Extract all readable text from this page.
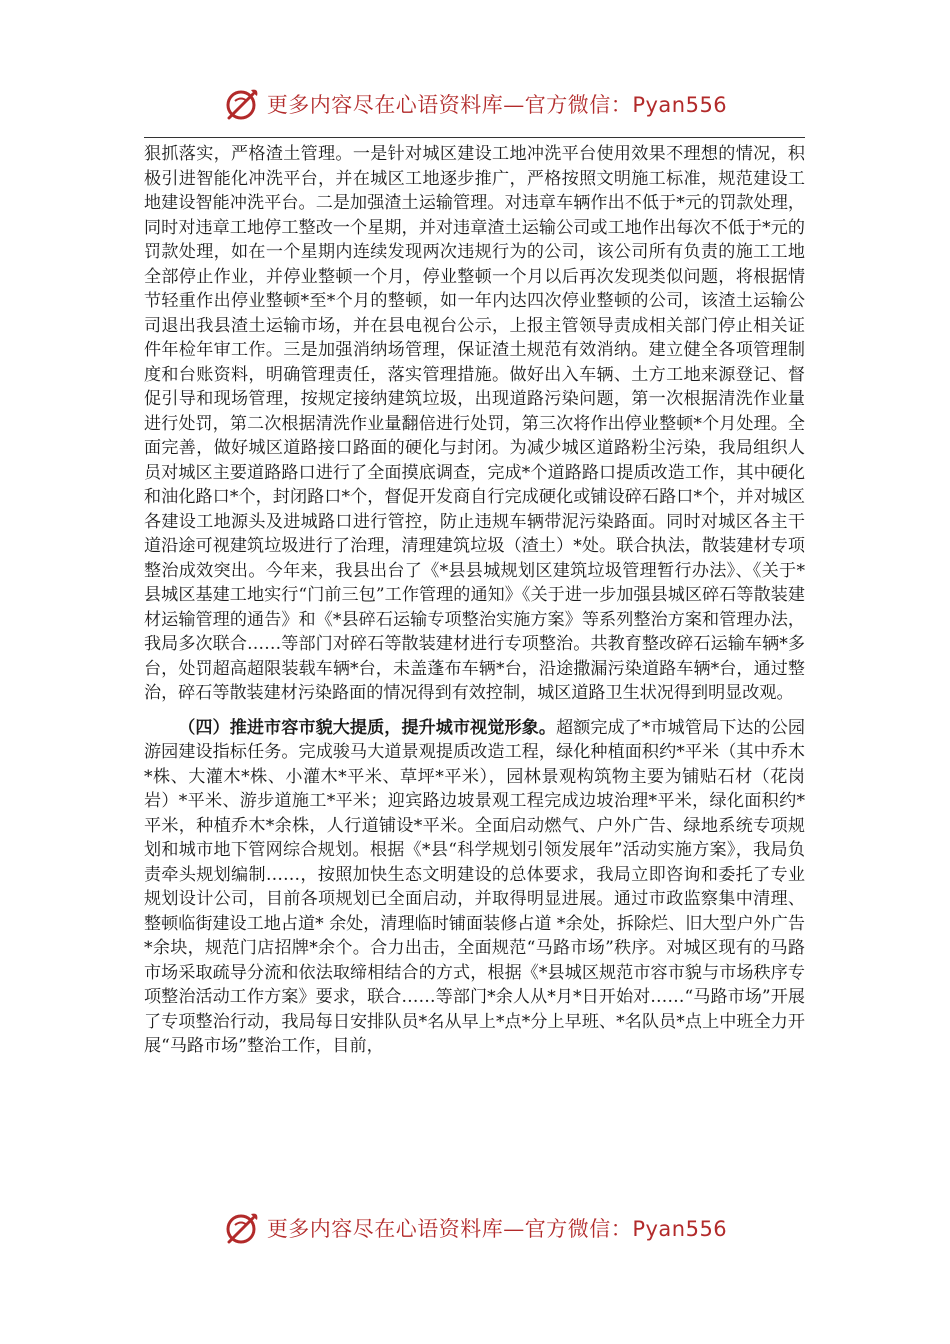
更多内容尽在心语资料库—官方微信：Pyan556

狠抓落实，严格渣土管理。一是针对城区建设工地冲洗平台使用效果不理想的情况，积极引进智能化冲洗平台，并在城区工地逐步推广，严格按照文明施工标准，规范建设工地建设智能冲洗平台。二是加强渣土运输管理。对违章车辆作出不低于*元的罚款处理，同时对违章工地停工整改一个星期，并对违章渣土运输公司或工地作出每次不低于*元的罚款处理，如在一个星期内连续发现两次违规行为的公司，该公司所有负责的施工工地全部停止作业，并停业整顿一个月，停业整顿一个月以后再次发现类似问题，将根据情节轻重作出停业整顿*至*个月的整顿，如一年内达四次停业整顿的公司，该渣土运输公司退出我县渣土运输市场，并在县电视台公示，上报主管领导责成相关部门停止相关证件年检年审工作。三是加强消纳场管理，保证渣土规范有效消纳。建立健全各项管理制度和台账资料，明确管理责任，落实管理措施。做好出入车辆、土方工地来源登记、督促引导和现场管理，按规定接纳建筑垃圾，出现道路污染问题，第一次根据清洗作业量进行处罚，第二次根据清洗作业量翻倍进行处罚，第三次将作出停业整顿*个月处理。全面完善，做好城区道路接口路面的硬化与封闭。为减少城区道路粉尘污染，我局组织人员对城区主要道路路口进行了全面摸底调查，完成*个道路路口提质改造工作，其中硬化和油化路口*个，封闭路口*个，督促开发商自行完成硬化或铺设碎石路口*个，并对城区各建设工地源头及进城路口进行管控，防止违规车辆带泥污染路面。同时对城区各主干道沿途可视建筑垃圾进行了治理，清理建筑垃圾（渣土）*处。联合执法，散装建材专项整治成效突出。今年来，我县出台了《*县县城规划区建筑垃圾管理暂行办法》、《关于*县城区基建工地实行“门前三包”工作管理的通知》《关于进一步加强县城区碎石等散装建材运输管理的通告》和《*县碎石运输专项整治实施方案》等系列整治方案和管理办法，我局多次联合……等部门对碎石等散装建材进行专项整治。共教育整改碎石运输车辆*多台，处罚超高超限装载车辆*台，未盖蓬布车辆*台，沿途撒漏污染道路车辆*台，通过整治，碎石等散装建材污染路面的情况得到有效控制，城区道路卫生状况得到明显改观。

（四）推进市容市貌大提质，提升城市视觉形象。超额完成了*市城管局下达的公园游园建设指标任务。完成骏马大道景观提质改造工程，绿化种植面积约*平米（其中乔木*株、大灌木*株、小灌木*平米、草坪*平米），园林景观构筑物主要为铺贴石材（花岗岩）*平米、游步道施工*平米；迎宾路边坡景观工程完成边坡治理*平米，绿化面积约*平米，种植乔木*余株，人行道铺设*平米。全面启动燃气、户外广告、绿地系统专项规划和城市地下管网综合规划。根据《*县“科学规划引领发展年”活动实施方案》，我局负责牵头规划编制……，按照加快生态文明建设的总体要求，我局立即咨询和委托了专业规划设计公司，目前各项规划已全面启动，并取得明显进展。通过市政监察集中清理、整顿临街建设工地占道* 余处，清理临时铺面装修占道 *余处，拆除烂、旧大型户外广告 *余块，规范门店招牌*余个。合力出击，全面规范“马路市场”秩序。对城区现有的马路市场采取疏导分流和依法取缔相结合的方式，根据《*县城区规范市容市貌与市场秩序专项整治活动工作方案》要求，联合……等部门*余人从*月*日开始对……“马路市场”开展了专项整治行动，我局每日安排队员*名从早上*点*分上早班、*名队员*点上中班全力开展“马路市场”整治工作，目前，

更多内容尽在心语资料库—官方微信：Pyan556
